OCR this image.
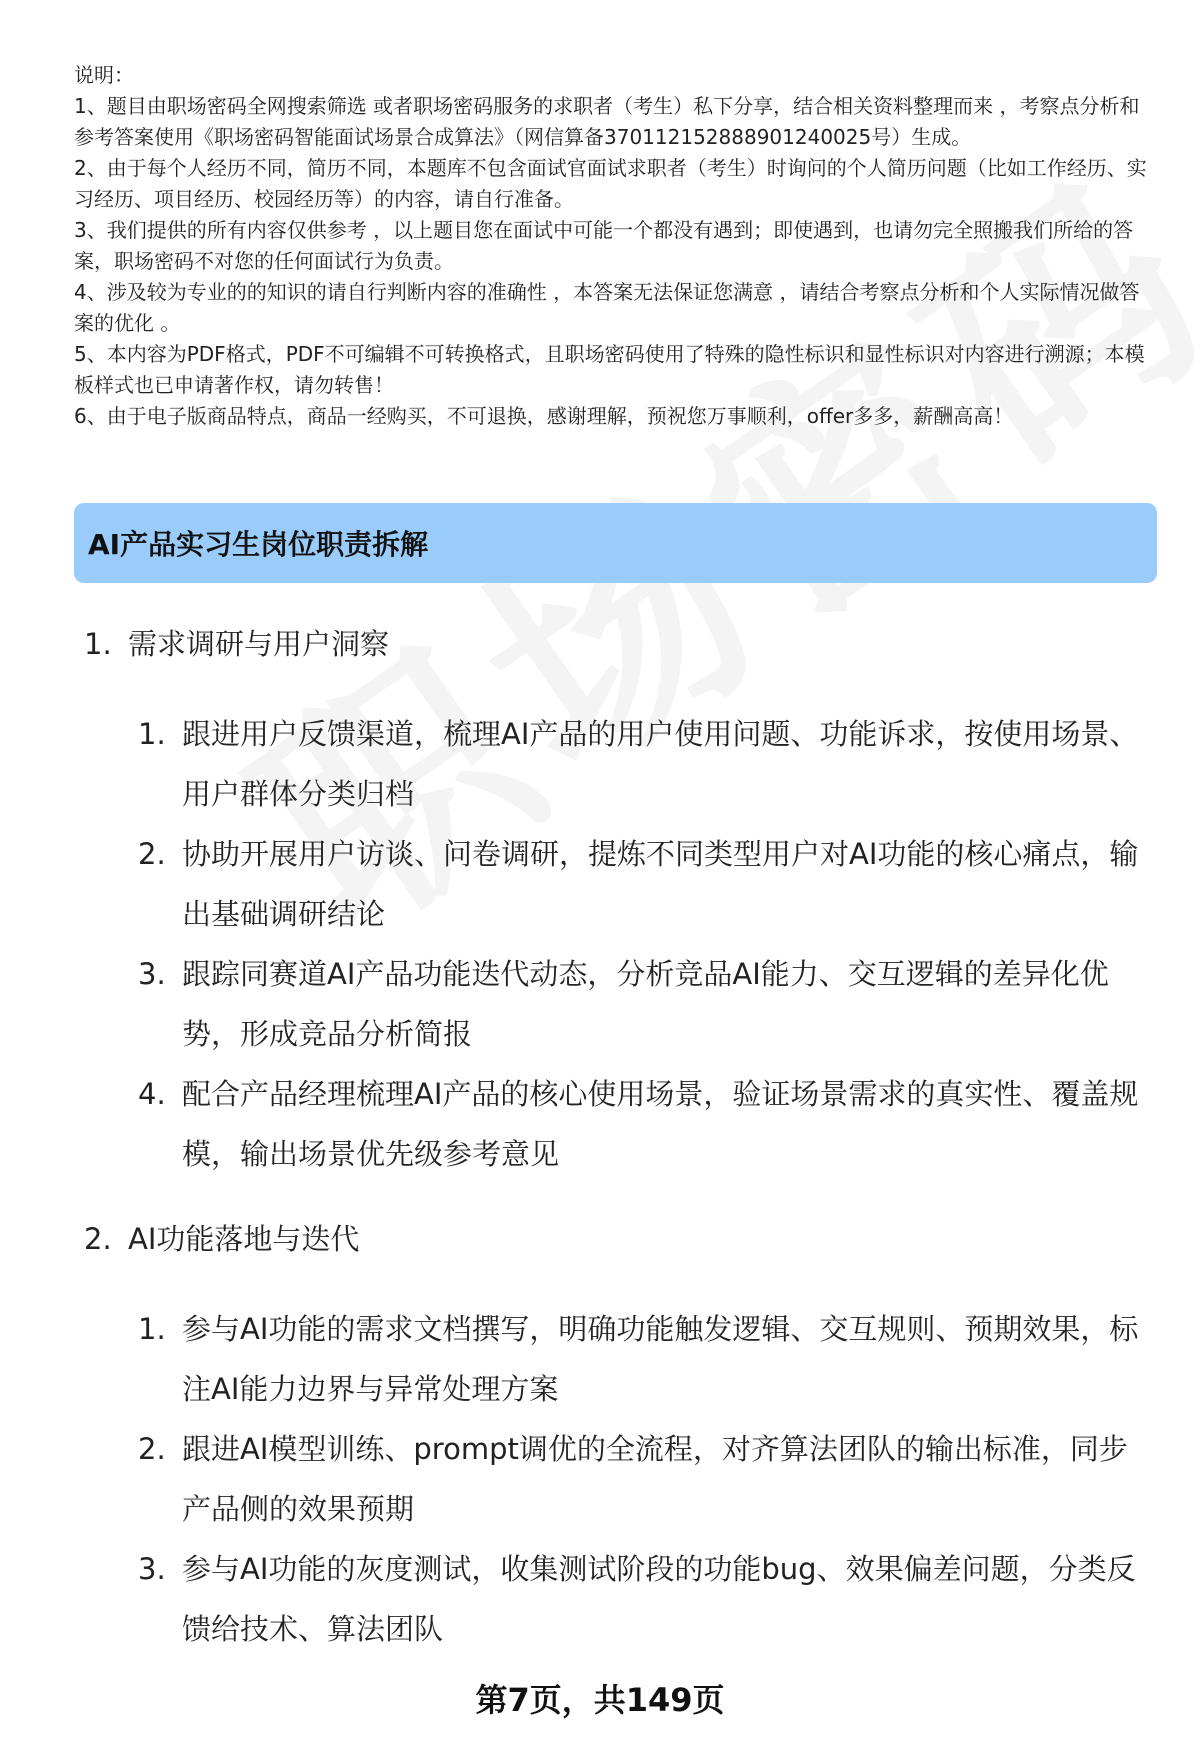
说明：

1、题目由职场密码全网搜索筛选 或者职场密码服务的求职者（考生）私下分享，结合相关资料整理而来 ，考察点分析和参考答案使用《职场密码智能面试场景合成算法》（网信算备370112152888901240025号）生成。

2、由于每个人经历不同，简历不同，本题库不包含面试官面试求职者（考生）时询问的个人简历问题（比如工作经历、实习经历、项目经历、校园经历等）的内容，请自行准备。

3、我们提供的所有内容仅供参考 ，以上题目您在面试中可能一个都没有遇到；即使遇到，也请勿完全照搬我们所给的答案，职场密码不对您的任何面试行为负责。

4、涉及较为专业的的知识的请自行判断内容的准确性 ，本答案无法保证您满意 ，请结合考察点分析和个人实际情况做答案的优化 。

5、本内容为PDF格式，PDF不可编辑不可转换格式，且职场密码使用了特殊的隐性标识和显性标识对内容进行溯源；本模板样式也已申请著作权，请勿转售！

6、由于电子版商品特点，商品一经购买，不可退换，感谢理解，预祝您万事顺利，offer多多，薪酬高高！

AI产品实习生岗位职责拆解
1. 需求调研与用户洞察
1. 跟进用户反馈渠道，梳理AI产品的用户使用问题、功能诉求，按使用场景、用户群体分类归档
2. 协助开展用户访谈、问卷调研，提炼不同类型用户对AI功能的核心痛点，输出基础调研结论
3. 跟踪同赛道AI产品功能迭代动态，分析竞品AI能力、交互逻辑的差异化优势，形成竞品分析简报
4. 配合产品经理梳理AI产品的核心使用场景，验证场景需求的真实性、覆盖规模，输出场景优先级参考意见
2. AI功能落地与迭代
1. 参与AI功能的需求文档撰写，明确功能触发逻辑、交互规则、预期效果，标注AI能力边界与异常处理方案
2. 跟进AI模型训练、prompt调优的全流程，对齐算法团队的输出标准，同步产品侧的效果预期
3. 参与AI功能的灰度测试，收集测试阶段的功能bug、效果偏差问题，分类反馈给技术、算法团队
第7页，共149页
